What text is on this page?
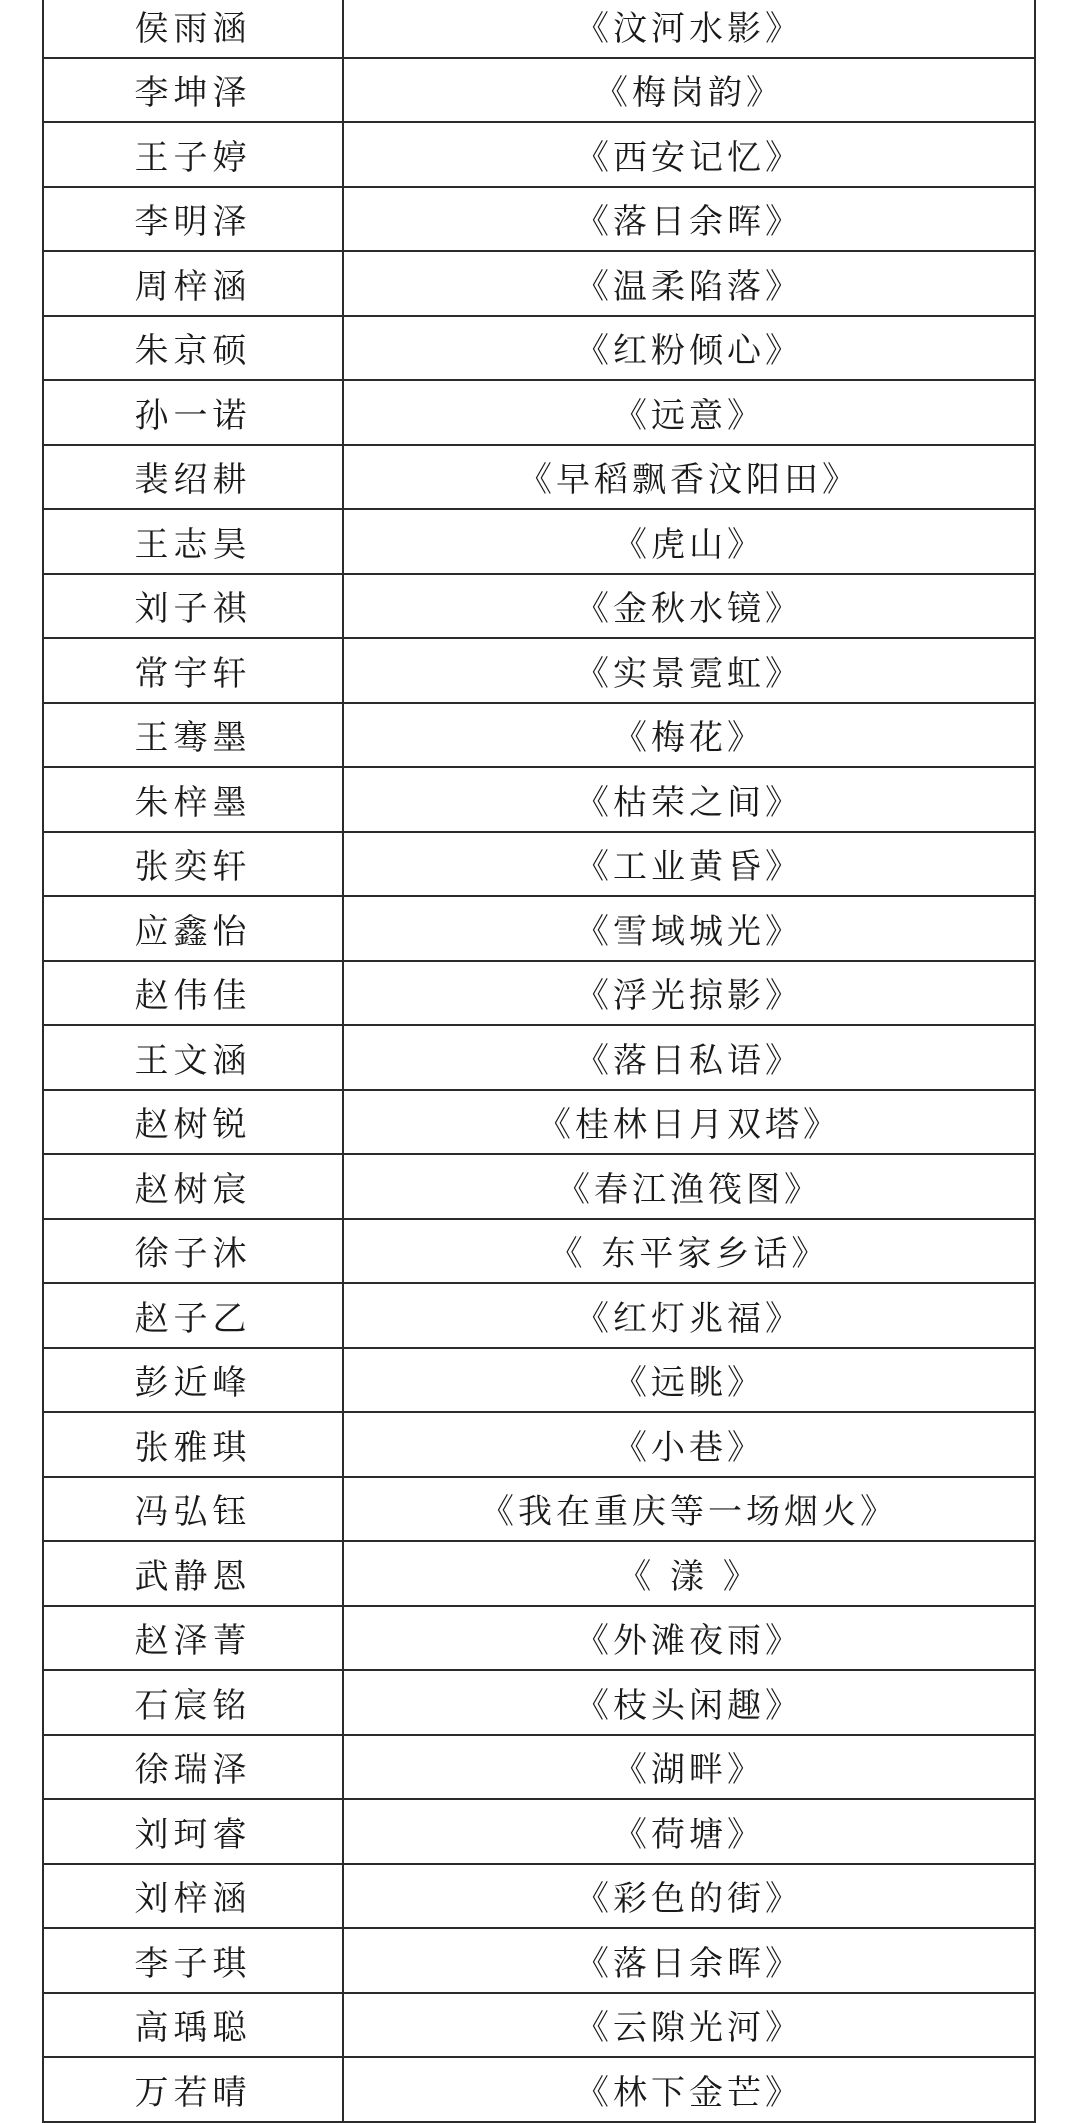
侯雨涵	《汶河水影》
李坤泽	《梅岗韵》
王子婷	《西安记忆》
李明泽	《落日余晖》
周梓涵	《温柔陷落》
朱京硕	《红粉倾心》
孙一诺	《远意》
裴绍耕	《早稻飘香汶阳田》
王志昊	《虎山》
刘子祺	《金秋水镜》
常宇轩	《实景霓虹》
王骞墨	《梅花》
朱梓墨	《枯荣之间》
张奕轩	《工业黄昏》
应鑫怡	《雪域城光》
赵伟佳	《浮光掠影》
王文涵	《落日私语》
赵树锐	《桂林日月双塔》
赵树宸	《春江渔筏图》
徐子沐	《 东平家乡话》
赵子乙	《红灯兆福》
彭近峰	《远眺》
张雅琪	《小巷》
冯弘钰	《我在重庆等一场烟火》
武静恩	《 漾 》
赵泽菁	《外滩夜雨》
石宸铭	《枝头闲趣》
徐瑞泽	《湖畔》
刘珂睿	《荷塘》
刘梓涵	《彩色的街》
李子琪	《落日余晖》
高瑀聪	《云隙光河》
万若晴	《林下金芒》
